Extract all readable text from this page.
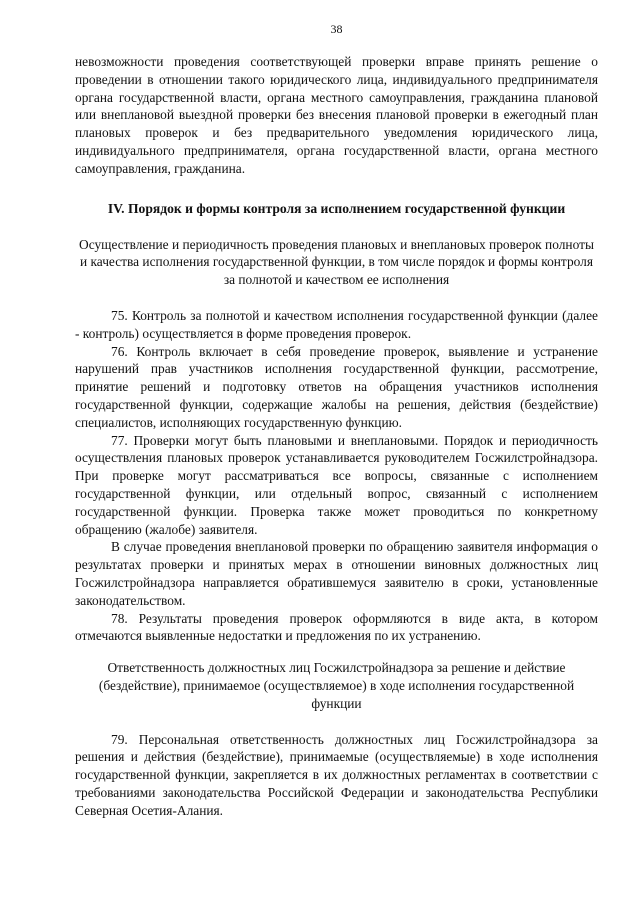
38

невозможности проведения соответствующей проверки вправе принять решение о проведении в отношении такого юридического лица, индивидуального предпринимателя органа государственной власти, органа местного самоуправления, гражданина плановой или внеплановой выездной проверки без внесения плановой проверки в ежегодный план плановых проверок и без предварительного уведомления юридического лица, индивидуального предпринимателя, органа государственной власти, органа местного самоуправления, гражданина.

IV. Порядок и формы контроля за исполнением государственной функции
Осуществление и периодичность проведения плановых и внеплановых проверок полноты и качества исполнения государственной функции, в том числе порядок и формы контроля за полнотой и качеством ее исполнения

75. Контроль за полнотой и качеством исполнения государственной функции (далее - контроль) осуществляется в форме проведения проверок.

76. Контроль включает в себя проведение проверок, выявление и устранение нарушений прав участников исполнения государственной функции, рассмотрение, принятие решений и подготовку ответов на обращения участников исполнения государственной функции, содержащие жалобы на решения, действия (бездействие) специалистов, исполняющих государственную функцию.

77. Проверки могут быть плановыми и внеплановыми. Порядок и периодичность осуществления плановых проверок устанавливается руководителем Госжилстройнадзора. При проверке могут рассматриваться все вопросы, связанные с исполнением государственной функции, или отдельный вопрос, связанный с исполнением государственной функции. Проверка также может проводиться по конкретному обращению (жалобе) заявителя.

В случае проведения внеплановой проверки по обращению заявителя информация о результатах проверки и принятых мерах в отношении виновных должностных лиц Госжилстройнадзора направляется обратившемуся заявителю в сроки, установленные законодательством.

78. Результаты проведения проверок оформляются в виде акта, в котором отмечаются выявленные недостатки и предложения по их устранению.

Ответственность должностных лиц Госжилстройнадзора за решение и действие (бездействие), принимаемое (осуществляемое) в ходе исполнения государственной функции

79. Персональная ответственность должностных лиц Госжилстройнадзора за решения и действия (бездействие), принимаемые (осуществляемые) в ходе исполнения государственной функции, закрепляется в их должностных регламентах в соответствии с требованиями законодательства Российской Федерации и законодательства Республики Северная Осетия-Алания.
